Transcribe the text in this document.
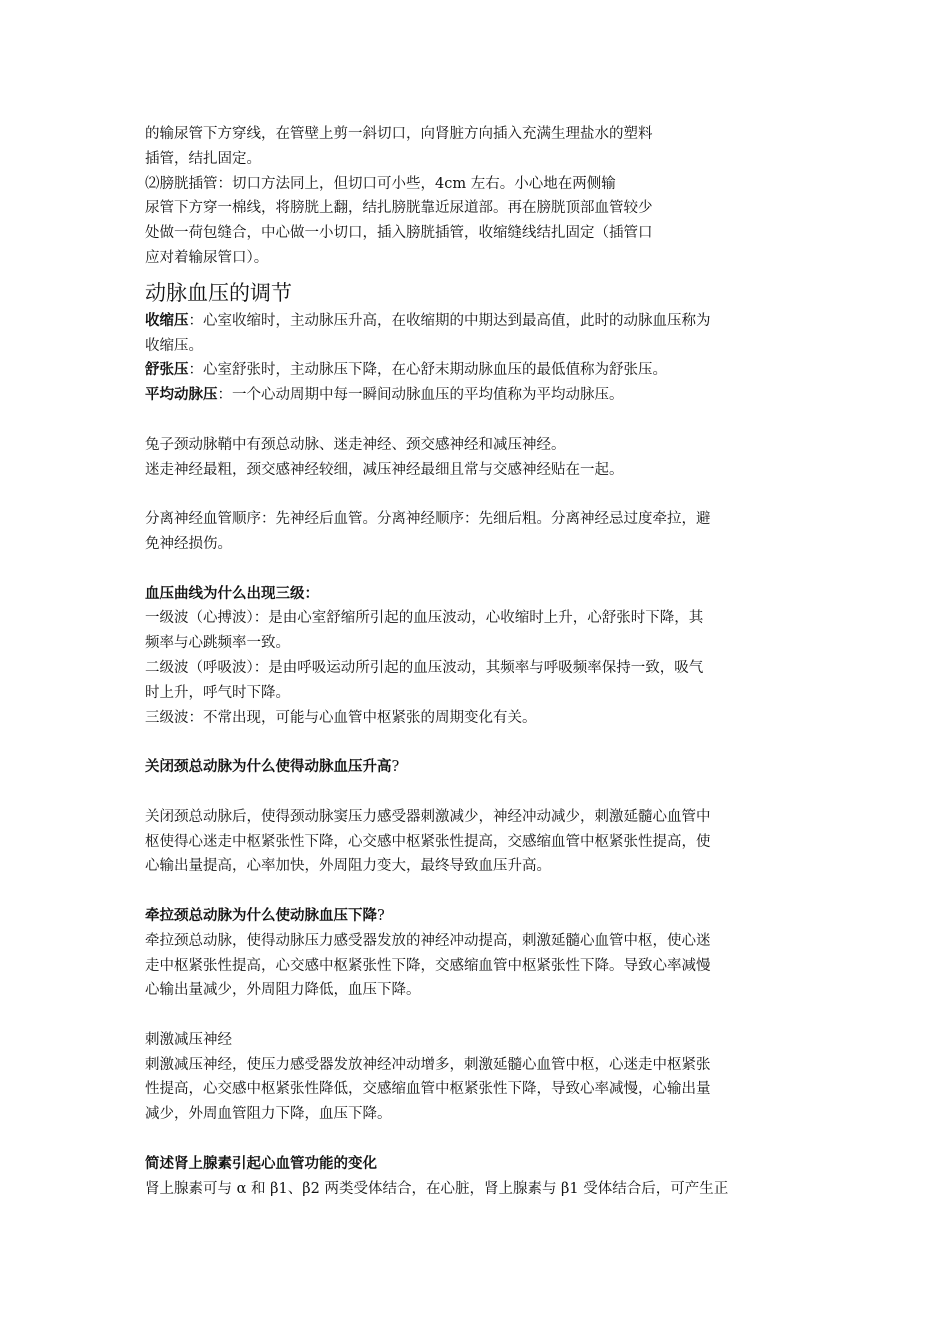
的输尿管下方穿线，在管壁上剪一斜切口，向肾脏方向插入充满生理盐水的塑料
插管，结扎固定。
⑵膀胱插管：切口方法同上，但切口可小些，4cm 左右。小心地在两侧输
尿管下方穿一棉线，将膀胱上翻，结扎膀胱靠近尿道部。再在膀胱顶部血管较少
处做一荷包缝合，中心做一小切口，插入膀胱插管，收缩缝线结扎固定（插管口
应对着输尿管口）。
动脉血压的调节
收缩压：心室收缩时，主动脉压升高，在收缩期的中期达到最高值，此时的动脉血压称为
收缩压。
舒张压：心室舒张时，主动脉压下降，在心舒末期动脉血压的最低值称为舒张压。
平均动脉压：一个心动周期中每一瞬间动脉血压的平均值称为平均动脉压。
兔子颈动脉鞘中有颈总动脉、迷走神经、颈交感神经和减压神经。
迷走神经最粗，颈交感神经较细，减压神经最细且常与交感神经贴在一起。
分离神经血管顺序：先神经后血管。分离神经顺序：先细后粗。分离神经忌过度牵拉，避
免神经损伤。
血压曲线为什么出现三级：
一级波（心搏波）：是由心室舒缩所引起的血压波动，心收缩时上升，心舒张时下降，其
频率与心跳频率一致。
二级波（呼吸波）：是由呼吸运动所引起的血压波动，其频率与呼吸频率保持一致，吸气
时上升，呼气时下降。
三级波：不常出现，可能与心血管中枢紧张的周期变化有关。
关闭颈总动脉为什么使得动脉血压升高?
关闭颈总动脉后，使得颈动脉窦压力感受器刺激减少，神经冲动减少，刺激延髓心血管中
枢使得心迷走中枢紧张性下降，心交感中枢紧张性提高，交感缩血管中枢紧张性提高，使
心输出量提高，心率加快，外周阻力变大，最终导致血压升高。
牵拉颈总动脉为什么使动脉血压下降?
牵拉颈总动脉，使得动脉压力感受器发放的神经冲动提高，刺激延髓心血管中枢，使心迷
走中枢紧张性提高，心交感中枢紧张性下降，交感缩血管中枢紧张性下降。导致心率减慢
心输出量减少，外周阻力降低，血压下降。
刺激减压神经
刺激减压神经，使压力感受器发放神经冲动增多，刺激延髓心血管中枢，心迷走中枢紧张
性提高，心交感中枢紧张性降低，交感缩血管中枢紧张性下降，导致心率减慢，心输出量
减少，外周血管阻力下降，血压下降。
简述肾上腺素引起心血管功能的变化
肾上腺素可与 α 和 β1、β2 两类受体结合，在心脏，肾上腺素与 β1 受体结合后，可产生正
